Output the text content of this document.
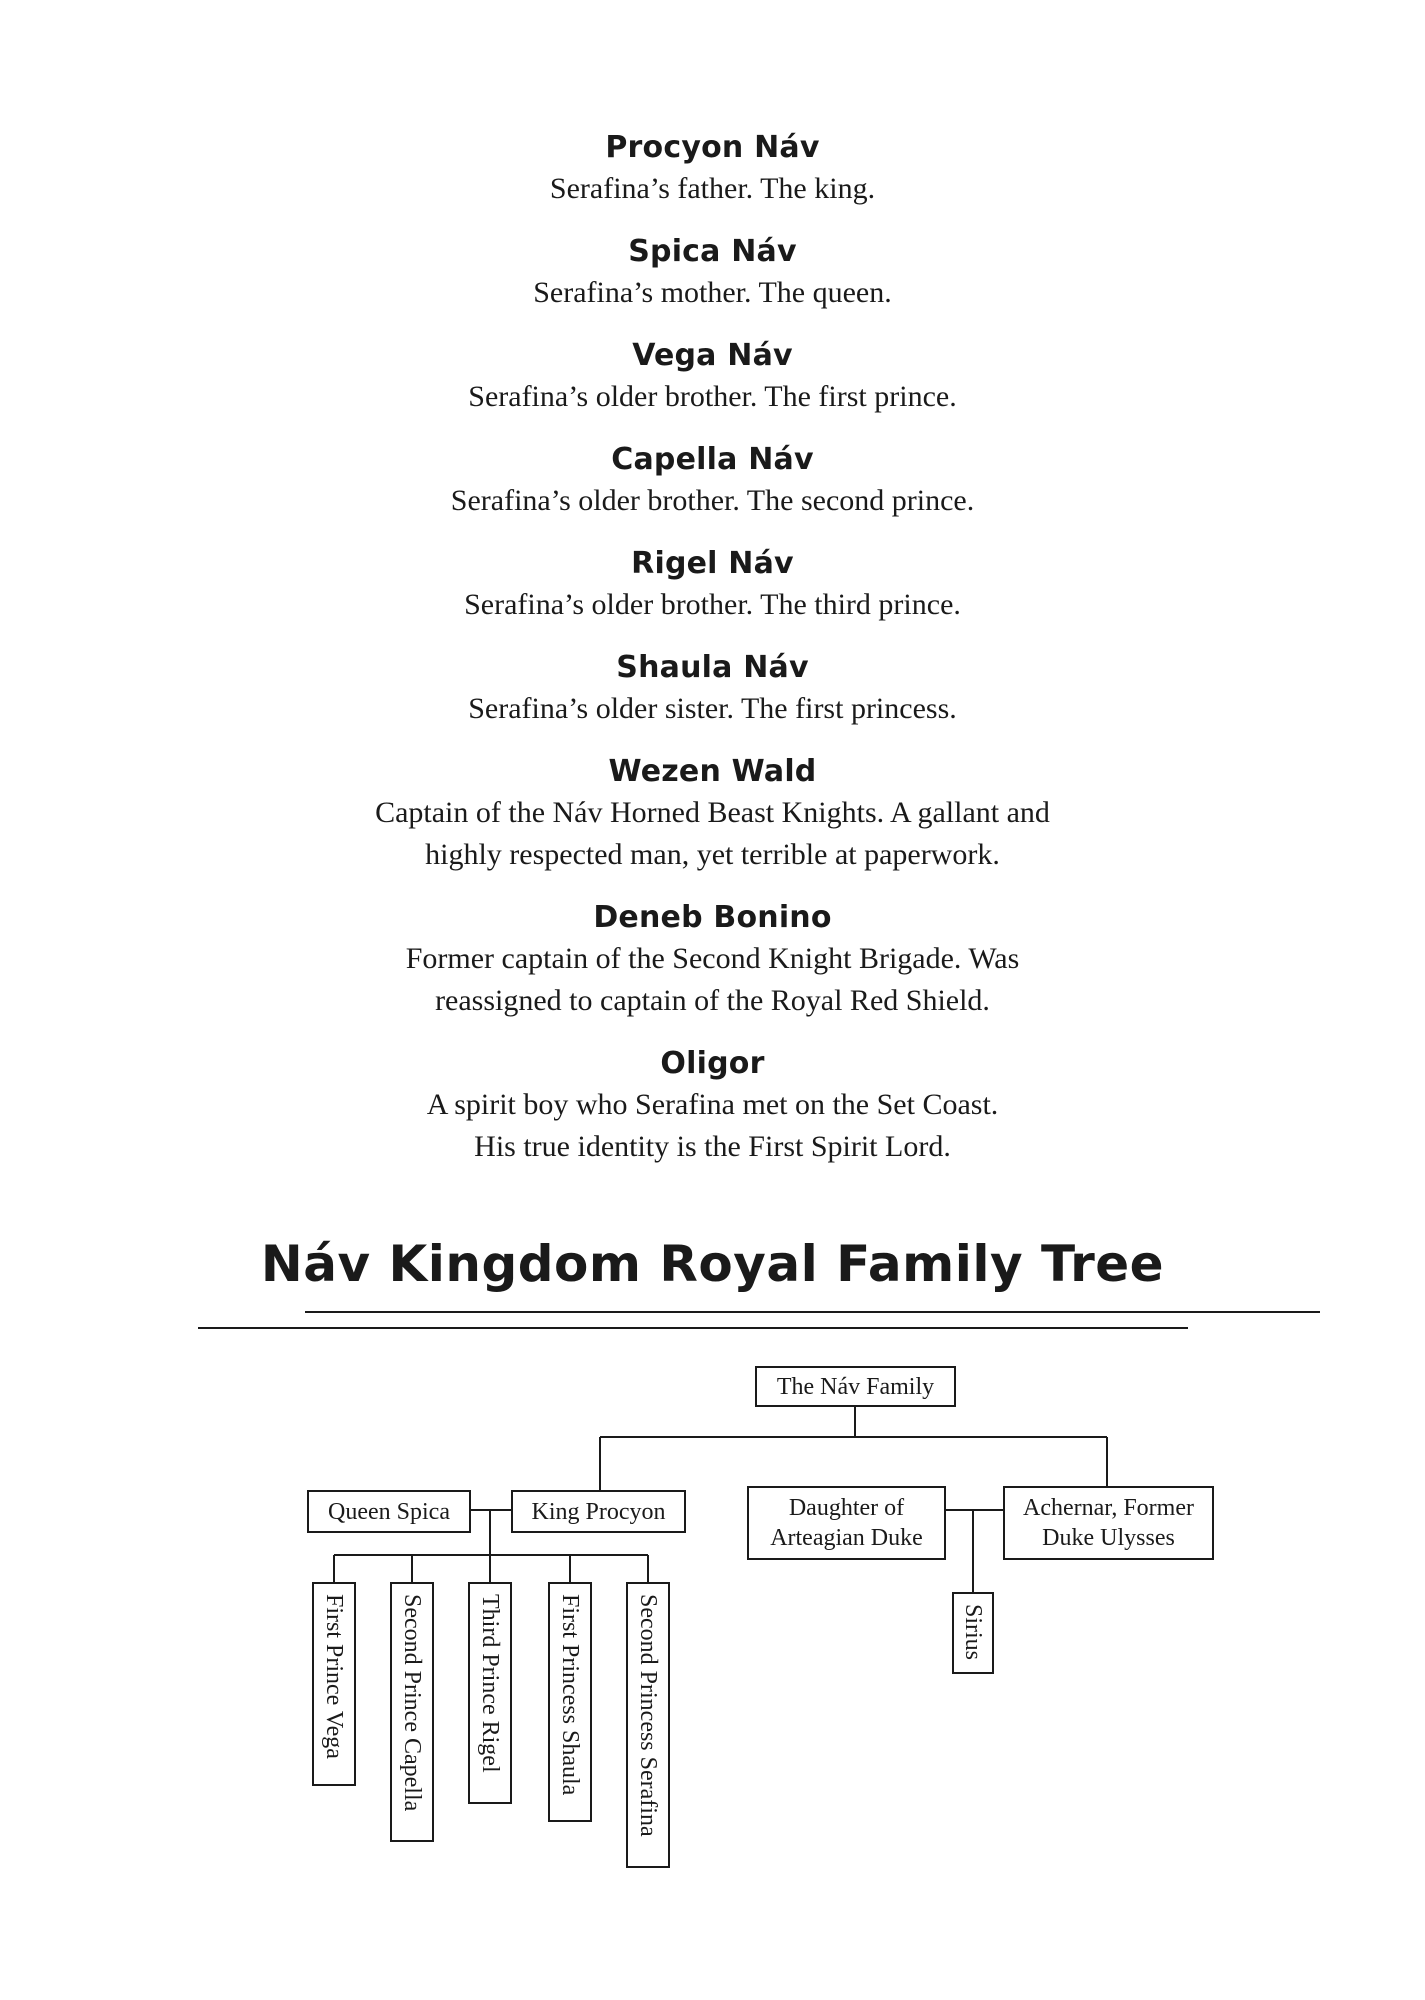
Procyon Náv

Serafina’s father. The king.

Spica Náv

Serafina’s mother. The queen.

Vega Náv

Serafina’s older brother. The first prince.

Capella Náv

Serafina’s older brother. The second prince.

Rigel Náv

Serafina’s older brother. The third prince.

Shaula Náv

Serafina’s older sister. The first princess.

Wezen Wald

Captain of the Náv Horned Beast Knights. A gallant and
highly respected man, yet terrible at paperwork.

Deneb Bonino

Former captain of the Second Knight Brigade. Was
reassigned to captain of the Royal Red Shield.

Oligor

A spirit boy who Serafina met on the Set Coast.
His true identity is the First Spirit Lord.

Náv Kingdom Royal Family Tree
The Náv Family
Queen Spica	King Procyon	Daughter of
Arteagian Duke
Achernar, Former
Duke Ulysses
First Prince Vega Second Prince Capella Third Prince Rigel First Princess Shaula Second Princess Serafina	Sirius
